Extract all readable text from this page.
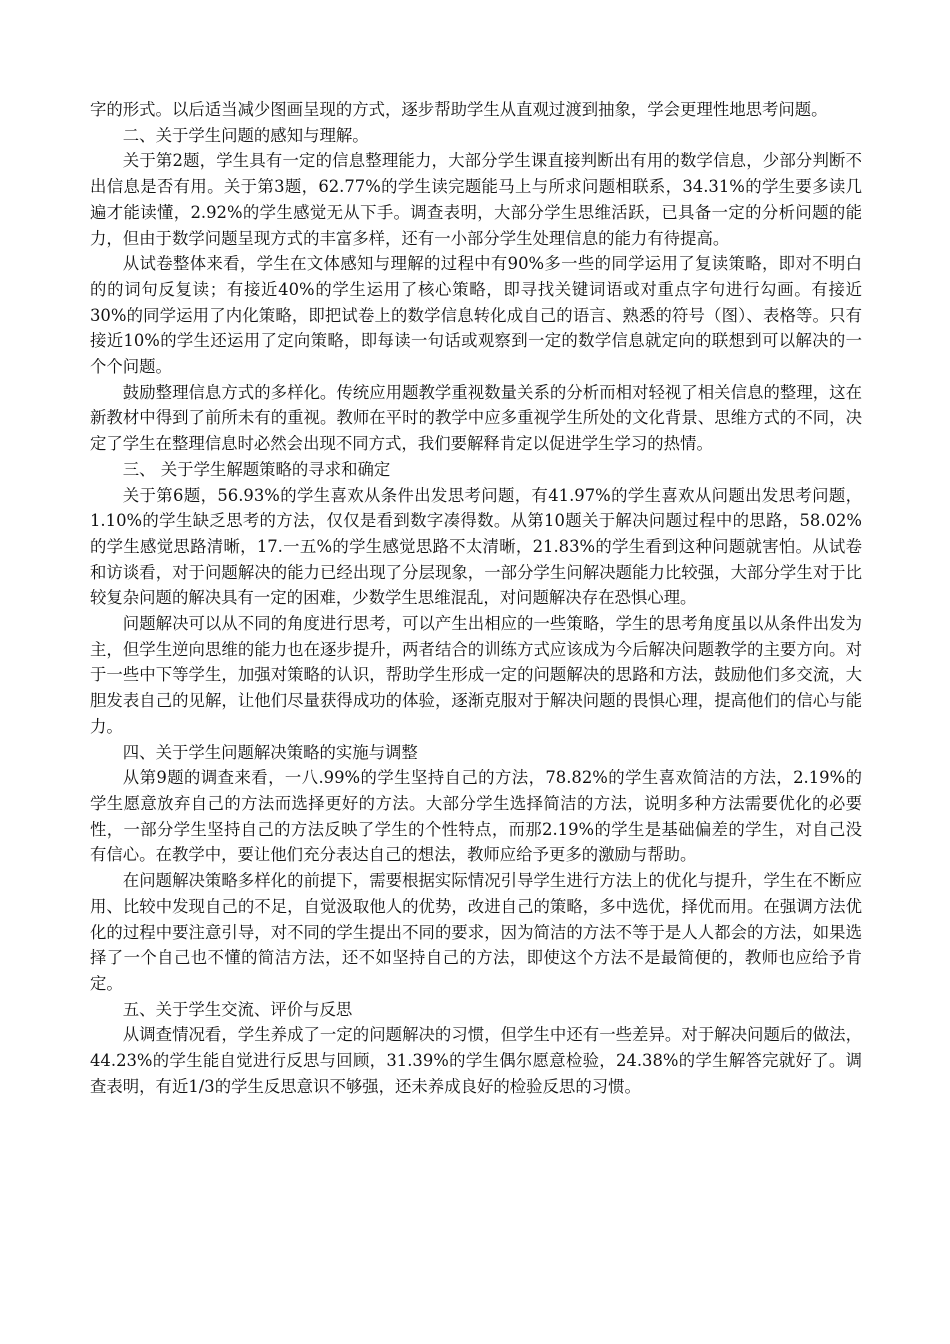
字的形式。以后适当减少图画呈现的方式，逐步帮助学生从直观过渡到抽象，学会更理性地思考问题。

二、关于学生问题的感知与理解。

关于第2题，学生具有一定的信息整理能力，大部分学生课直接判断出有用的数学信息，少部分判断不出信息是否有用。关于第3题，62.77%的学生读完题能马上与所求问题相联系，34.31%的学生要多读几遍才能读懂，2.92%的学生感觉无从下手。调查表明，大部分学生思维活跃，已具备一定的分析问题的能力，但由于数学问题呈现方式的丰富多样，还有一小部分学生处理信息的能力有待提高。

从试卷整体来看，学生在文体感知与理解的过程中有90%多一些的同学运用了复读策略，即对不明白的的词句反复读；有接近40%的学生运用了核心策略，即寻找关键词语或对重点字句进行勾画。有接近30%的同学运用了内化策略，即把试卷上的数学信息转化成自己的语言、熟悉的符号（图）、表格等。只有接近10%的学生还运用了定向策略，即每读一句话或观察到一定的数学信息就定向的联想到可以解决的一个个问题。

鼓励整理信息方式的多样化。传统应用题教学重视数量关系的分析而相对轻视了相关信息的整理，这在新教材中得到了前所未有的重视。教师在平时的教学中应多重视学生所处的文化背景、思维方式的不同，决定了学生在整理信息时必然会出现不同方式，我们要解释肯定以促进学生学习的热情。

三、 关于学生解题策略的寻求和确定

关于第6题，56.93%的学生喜欢从条件出发思考问题，有41.97%的学生喜欢从问题出发思考问题，1.10%的学生缺乏思考的方法，仅仅是看到数字凑得数。从第10题关于解决问题过程中的思路，58.02%的学生感觉思路清晰，17.一五%的学生感觉思路不太清晰，21.83%的学生看到这种问题就害怕。从试卷和访谈看，对于问题解决的能力已经出现了分层现象，一部分学生问解决题能力比较强，大部分学生对于比较复杂问题的解决具有一定的困难，少数学生思维混乱，对问题解决存在恐惧心理。

问题解决可以从不同的角度进行思考，可以产生出相应的一些策略，学生的思考角度虽以从条件出发为主，但学生逆向思维的能力也在逐步提升，两者结合的训练方式应该成为今后解决问题教学的主要方向。对于一些中下等学生，加强对策略的认识，帮助学生形成一定的问题解决的思路和方法，鼓励他们多交流，大胆发表自己的见解，让他们尽量获得成功的体验，逐渐克服对于解决问题的畏惧心理，提高他们的信心与能力。

四、关于学生问题解决策略的实施与调整

从第9题的调查来看，一八.99%的学生坚持自己的方法，78.82%的学生喜欢简洁的方法，2.19%的学生愿意放弃自己的方法而选择更好的方法。大部分学生选择简洁的方法，说明多种方法需要优化的必要性，一部分学生坚持自己的方法反映了学生的个性特点，而那2.19%的学生是基础偏差的学生，对自己没有信心。在教学中，要让他们充分表达自己的想法，教师应给予更多的激励与帮助。

在问题解决策略多样化的前提下，需要根据实际情况引导学生进行方法上的优化与提升，学生在不断应用、比较中发现自己的不足，自觉汲取他人的优势，改进自己的策略，多中选优，择优而用。在强调方法优化的过程中要注意引导，对不同的学生提出不同的要求，因为简洁的方法不等于是人人都会的方法，如果选择了一个自己也不懂的简洁方法，还不如坚持自己的方法，即使这个方法不是最简便的，教师也应给予肯定。

五、关于学生交流、评价与反思

从调查情况看，学生养成了一定的问题解决的习惯，但学生中还有一些差异。对于解决问题后的做法，44.23%的学生能自觉进行反思与回顾，31.39%的学生偶尔愿意检验，24.38%的学生解答完就好了。调查表明，有近1/3的学生反思意识不够强，还未养成良好的检验反思的习惯。
